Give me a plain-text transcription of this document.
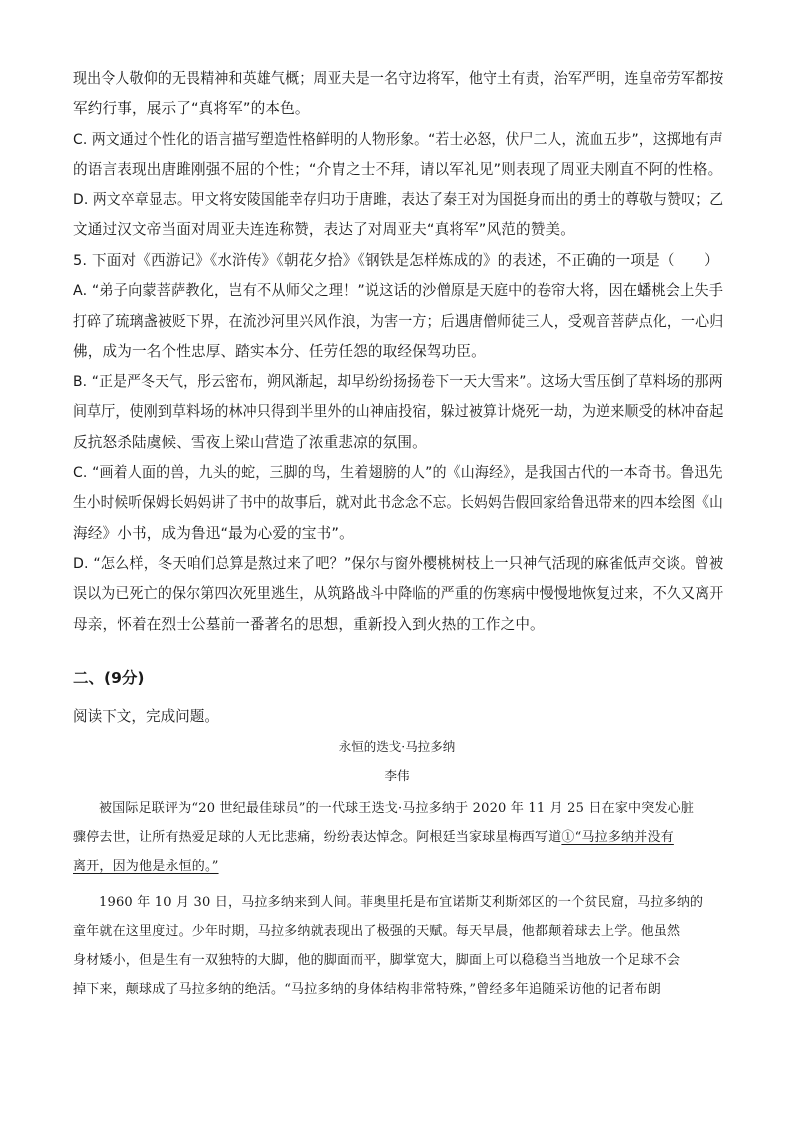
现出令人敬仰的无畏精神和英雄气概；周亚夫是一名守边将军，他守土有责，治军严明，连皇帝劳军都按
军约行事，展示了“真将军”的本色。
C. 两文通过个性化的语言描写塑造性格鲜明的人物形象。“若士必怒，伏尸二人，流血五步”，这掷地有声
的语言表现出唐雎刚强不屈的个性；“介胄之士不拜，请以军礼见”则表现了周亚夫刚直不阿的性格。
D. 两文卒章显志。甲文将安陵国能幸存归功于唐雎，表达了秦王对为国挺身而出的勇士的尊敬与赞叹；乙
文通过汉文帝当面对周亚夫连连称赞，表达了对周亚夫“真将军”风范的赞美。
5. 下面对《西游记》《水浒传》《朝花夕拾》《钢铁是怎样炼成的》的表述，不正确的一项是（　　）
A. “弟子向蒙菩萨教化，岂有不从师父之理！”说这话的沙僧原是天庭中的卷帘大将，因在蟠桃会上失手
打碎了琉璃盏被贬下界，在流沙河里兴风作浪，为害一方；后遇唐僧师徒三人，受观音菩萨点化，一心归
佛，成为一名个性忠厚、踏实本分、任劳任怨的取经保驾功臣。
B. “正是严冬天气，彤云密布，朔风渐起，却早纷纷扬扬卷下一天大雪来”。这场大雪压倒了草料场的那两
间草厅，使刚到草料场的林冲只得到半里外的山神庙投宿，躲过被算计烧死一劫，为逆来顺受的林冲奋起
反抗怒杀陆虞候、雪夜上梁山营造了浓重悲凉的氛围。
C. “画着人面的兽，九头的蛇，三脚的鸟，生着翅膀的人”的《山海经》，是我国古代的一本奇书。鲁迅先
生小时候听保姆长妈妈讲了书中的故事后，就对此书念念不忘。长妈妈告假回家给鲁迅带来的四本绘图《山
海经》小书，成为鲁迅“最为心爱的宝书”。
D. “怎么样，冬天咱们总算是熬过来了吧？”保尔与窗外樱桃树枝上一只神气活现的麻雀低声交谈。曾被
误以为已死亡的保尔第四次死里逃生，从筑路战斗中降临的严重的伤寒病中慢慢地恢复过来，不久又离开
母亲，怀着在烈士公墓前一番著名的思想，重新投入到火热的工作之中。
二、(9分)
阅读下文，完成问题。
永恒的迭戈·马拉多纳
李伟
被国际足联评为“20 世纪最佳球员”的一代球王迭戈·马拉多纳于 2020 年 11 月 25 日在家中突发心脏
骤停去世，让所有热爱足球的人无比悲痛，纷纷表达悼念。阿根廷当家球星梅西写道①“马拉多纳并没有
离开，因为他是永恒的。”
1960 年 10 月 30 日，马拉多纳来到人间。菲奥里托是布宜诺斯艾利斯郊区的一个贫民窟，马拉多纳的
童年就在这里度过。少年时期，马拉多纳就表现出了极强的天赋。每天早晨，他都颠着球去上学。他虽然
身材矮小，但是生有一双独特的大脚，他的脚面而平，脚掌宽大，脚面上可以稳稳当当地放一个足球不会
掉下来，颠球成了马拉多纳的绝活。“马拉多纳的身体结构非常特殊，”曾经多年追随采访他的记者布朗
